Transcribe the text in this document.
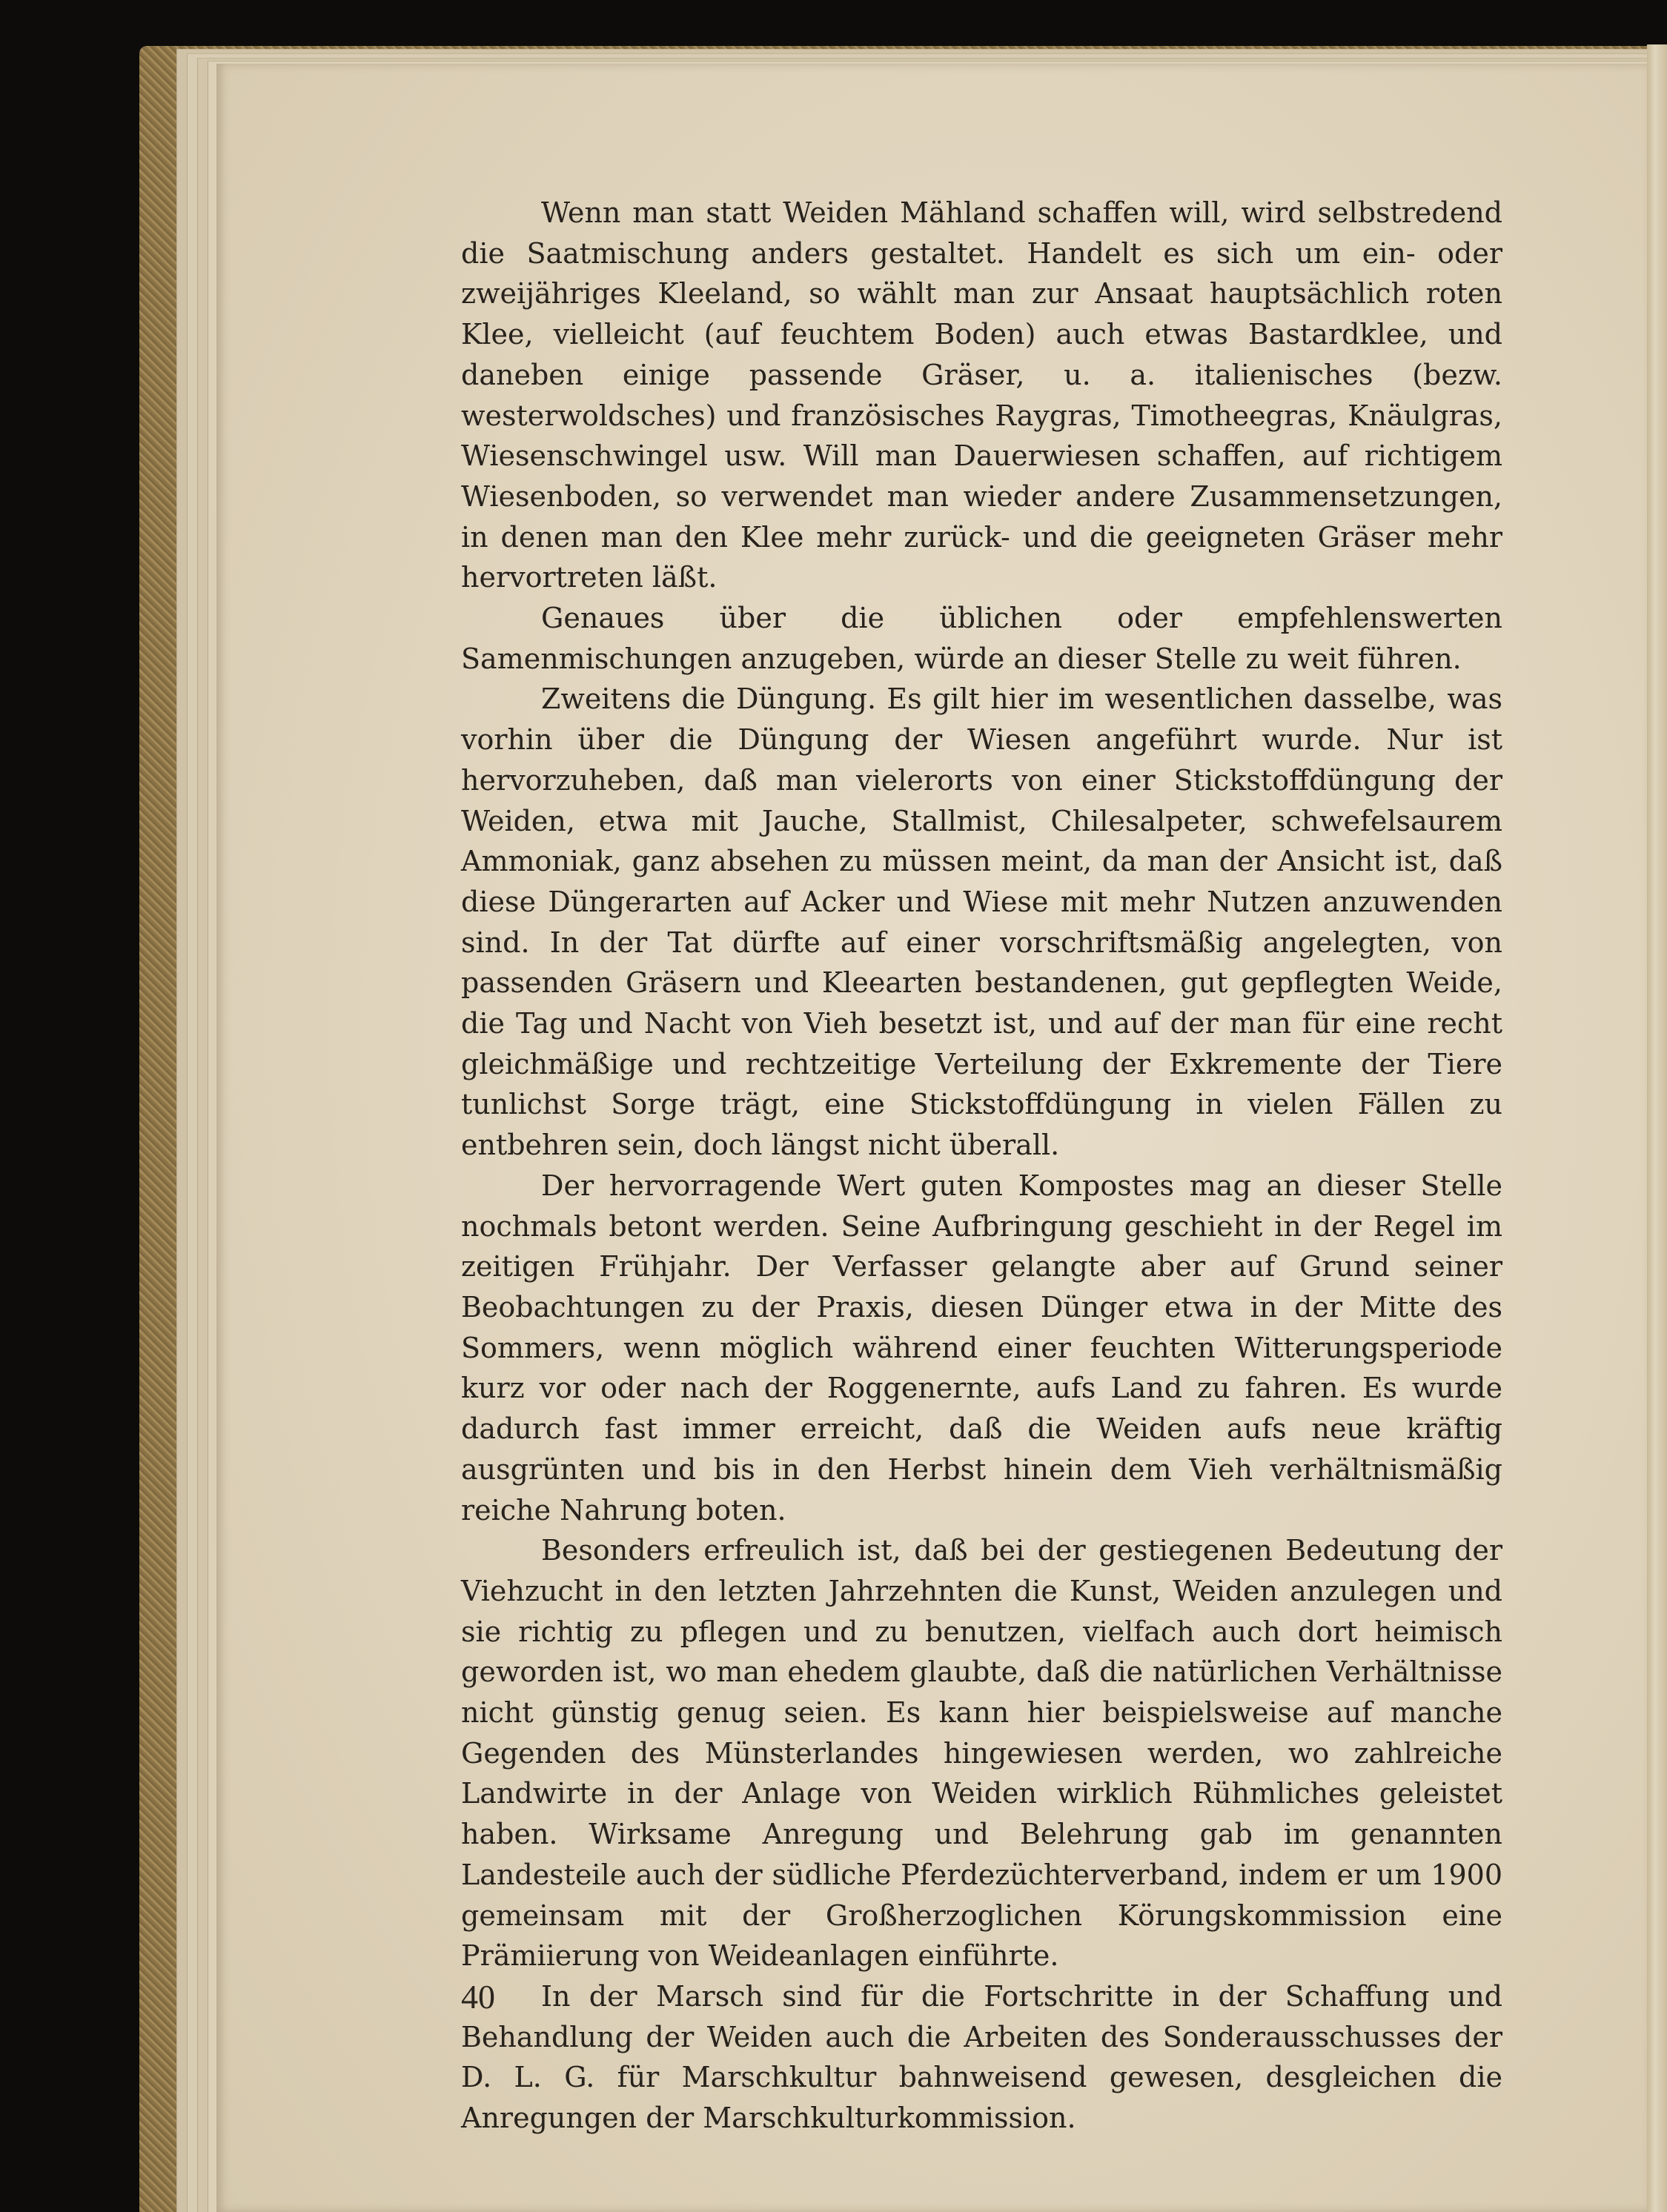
Wenn man statt Weiden Mähland schaffen will, wird selbstredend die Saatmischung anders gestaltet. Handelt es sich um ein- oder zweijähriges Kleeland, so wählt man zur Ansaat hauptsächlich roten Klee, vielleicht (auf feuchtem Boden) auch etwas Bastardklee, und daneben einige passende Gräser, u. a. italienisches (bezw. westerwoldsches) und französisches Raygras, Timotheegras, Knäulgras, Wiesenschwingel usw. Will man Dauerwiesen schaffen, auf richtigem Wiesenboden, so verwendet man wieder andere Zusammensetzungen, in denen man den Klee mehr zurück- und die geeigneten Gräser mehr hervortreten läßt.

Genaues über die üblichen oder empfehlenswerten Samenmischungen anzugeben, würde an dieser Stelle zu weit führen.

Zweitens die Düngung. Es gilt hier im wesentlichen dasselbe, was vorhin über die Düngung der Wiesen angeführt wurde. Nur ist hervorzuheben, daß man vielerorts von einer Stickstoffdüngung der Weiden, etwa mit Jauche, Stallmist, Chilesalpeter, schwefelsaurem Ammoniak, ganz absehen zu müssen meint, da man der Ansicht ist, daß diese Düngerarten auf Acker und Wiese mit mehr Nutzen anzuwenden sind. In der Tat dürfte auf einer vorschriftsmäßig angelegten, von passenden Gräsern und Kleearten bestandenen, gut gepflegten Weide, die Tag und Nacht von Vieh besetzt ist, und auf der man für eine recht gleichmäßige und rechtzeitige Verteilung der Exkremente der Tiere tunlichst Sorge trägt, eine Stickstoffdüngung in vielen Fällen zu entbehren sein, doch längst nicht überall.

Der hervorragende Wert guten Kompostes mag an dieser Stelle nochmals betont werden. Seine Aufbringung geschieht in der Regel im zeitigen Frühjahr. Der Verfasser gelangte aber auf Grund seiner Beobachtungen zu der Praxis, diesen Dünger etwa in der Mitte des Sommers, wenn möglich während einer feuchten Witterungsperiode kurz vor oder nach der Roggenernte, aufs Land zu fahren. Es wurde dadurch fast immer erreicht, daß die Weiden aufs neue kräftig ausgrünten und bis in den Herbst hinein dem Vieh verhältnismäßig reiche Nahrung boten.

Besonders erfreulich ist, daß bei der gestiegenen Bedeutung der Viehzucht in den letzten Jahrzehnten die Kunst, Weiden anzulegen und sie richtig zu pflegen und zu benutzen, vielfach auch dort heimisch geworden ist, wo man ehedem glaubte, daß die natürlichen Verhältnisse nicht günstig genug seien. Es kann hier beispielsweise auf manche Gegenden des Münsterlandes hingewiesen werden, wo zahlreiche Landwirte in der Anlage von Weiden wirklich Rühmliches geleistet haben. Wirksame Anregung und Belehrung gab im genannten Landesteile auch der südliche Pferdezüchterverband, indem er um 1900 gemeinsam mit der Großherzoglichen Körungskommission eine Prämiierung von Weideanlagen einführte.

In der Marsch sind für die Fortschritte in der Schaffung und Behandlung der Weiden auch die Arbeiten des Sonderausschusses der D. L. G. für Marschkultur bahnweisend gewesen, desgleichen die Anregungen der Marschkulturkommission.

40
